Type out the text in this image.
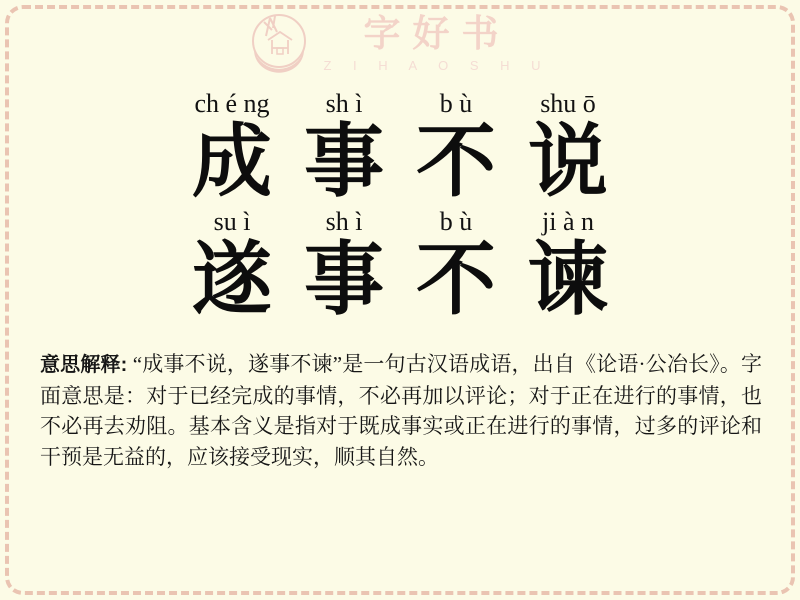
字好书
Z I H A O S H U
ch é ng
成
sh ì
事
b ù
不
shu ō
说
su ì
遂
sh ì
事
b ù
不
ji à n
谏
意思解释: “成事不说，遂事不谏”是一句古汉语成语，出自《论语·公冶长》。字面意思是：对于已经完成的事情，不必再加以评论；对于正在进行的事情，也不必再去劝阻。基本含义是指对于既成事实或正在进行的事情，过多的评论和干预是无益的，应该接受现实，顺其自然。
